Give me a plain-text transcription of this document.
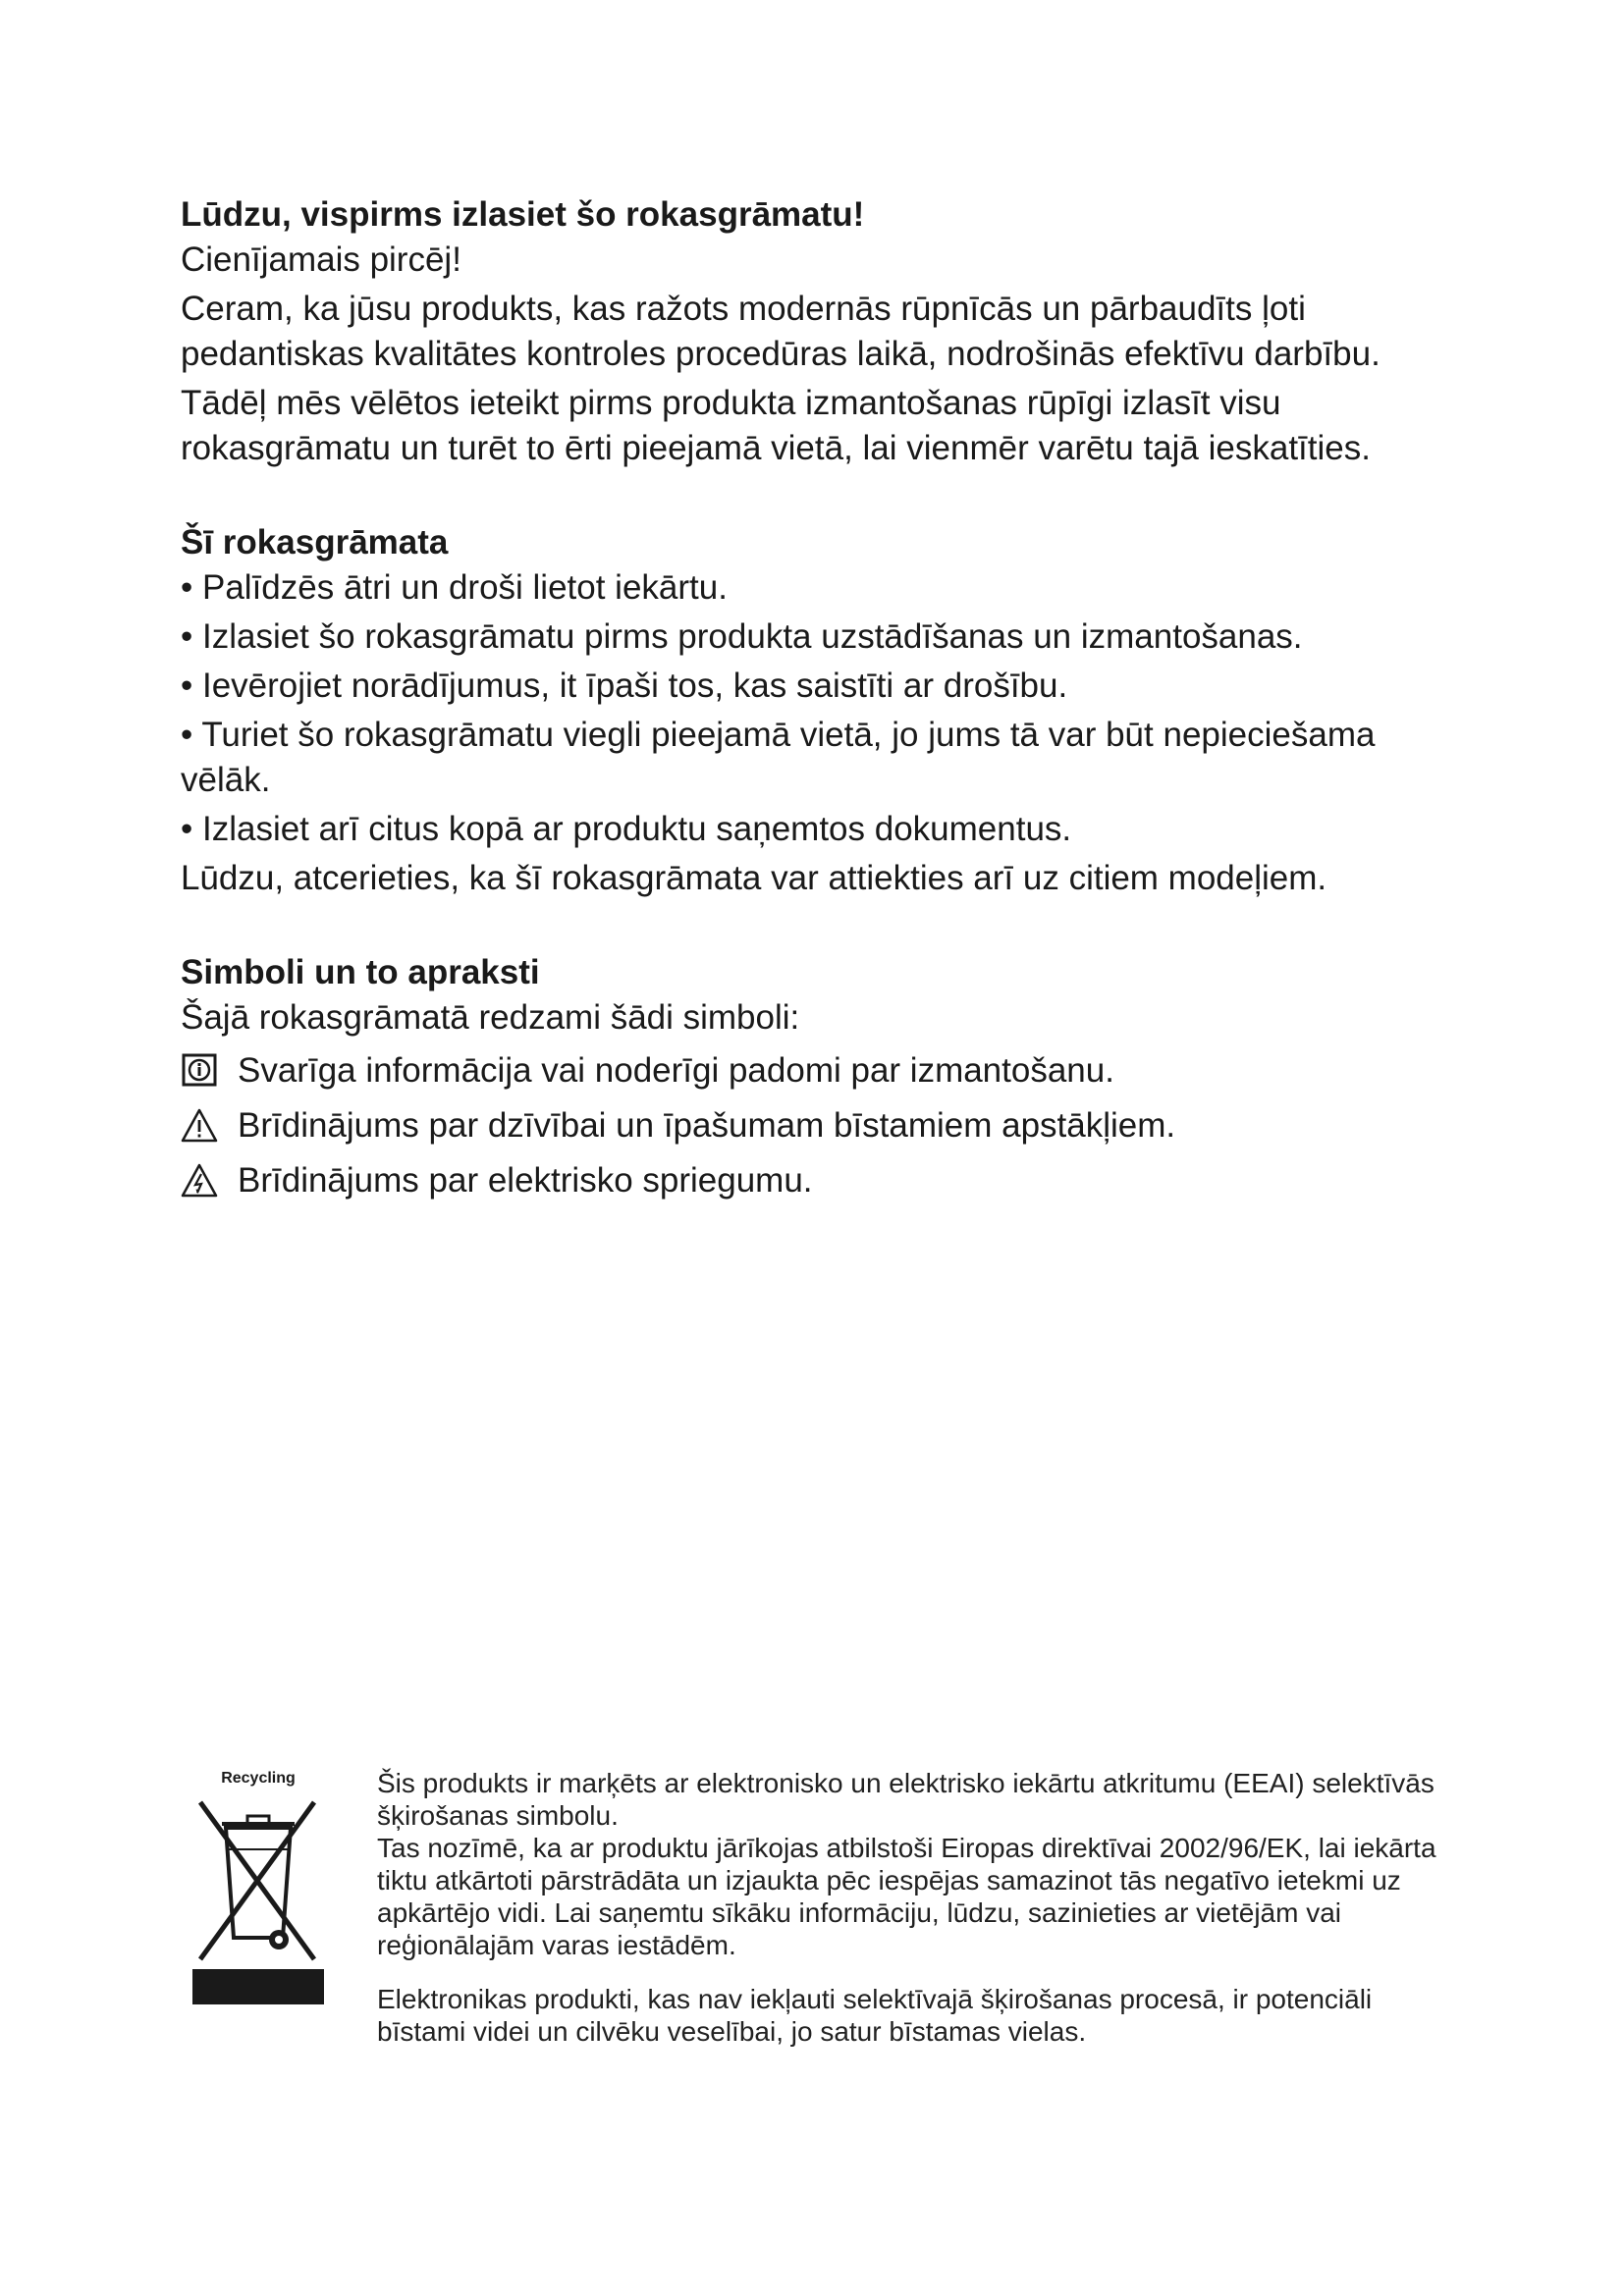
Lūdzu, vispirms izlasiet šo rokasgrāmatu!

Cienījamais pircēj!

Ceram, ka jūsu produkts, kas ražots modernās rūpnīcās un pārbaudīts ļoti pedantiskas kvalitātes kontroles procedūras laikā, nodrošinās efektīvu darbību.

Tādēļ mēs vēlētos ieteikt pirms produkta izmantošanas rūpīgi izlasīt visu rokasgrāmatu un turēt to ērti pieejamā vietā, lai vienmēr varētu tajā ieskatīties.

Šī rokasgrāmata

• Palīdzēs ātri un droši lietot iekārtu.

• Izlasiet šo rokasgrāmatu pirms produkta uzstādīšanas un izmantošanas.

• Ievērojiet norādījumus, it īpaši tos, kas saistīti ar drošību.

• Turiet šo rokasgrāmatu viegli pieejamā vietā, jo jums tā var būt nepieciešama vēlāk.

• Izlasiet arī citus kopā ar produktu saņemtos dokumentus.

Lūdzu, atcerieties, ka šī rokasgrāmata var attiekties arī uz citiem modeļiem.

Simboli un to apraksti

Šajā rokasgrāmatā redzami šādi simboli:

Svarīga informācija vai noderīgi padomi par izmantošanu.
Brīdinājums par dzīvībai un īpašumam bīstamiem apstākļiem.
Brīdinājums par elektrisko spriegumu.
Recycling	Šis produkts ir marķēts ar elektronisko un elektrisko iekārtu atkritumu (EEAI) selektīvās šķirošanas simbolu.

Tas nozīmē, ka ar produktu jārīkojas atbilstoši Eiropas direktīvai 2002/96/EK, lai iekārta tiktu atkārtoti pārstrādāta un izjaukta pēc iespējas samazinot tās negatīvo ietekmi uz apkārtējo vidi. Lai saņemtu sīkāku informāciju, lūdzu, sazinieties ar vietējām vai reģionālajām varas iestādēm.

Elektronikas produkti, kas nav iekļauti selektīvajā šķirošanas procesā, ir potenciāli bīstami videi un cilvēku veselībai, jo satur bīstamas vielas.
